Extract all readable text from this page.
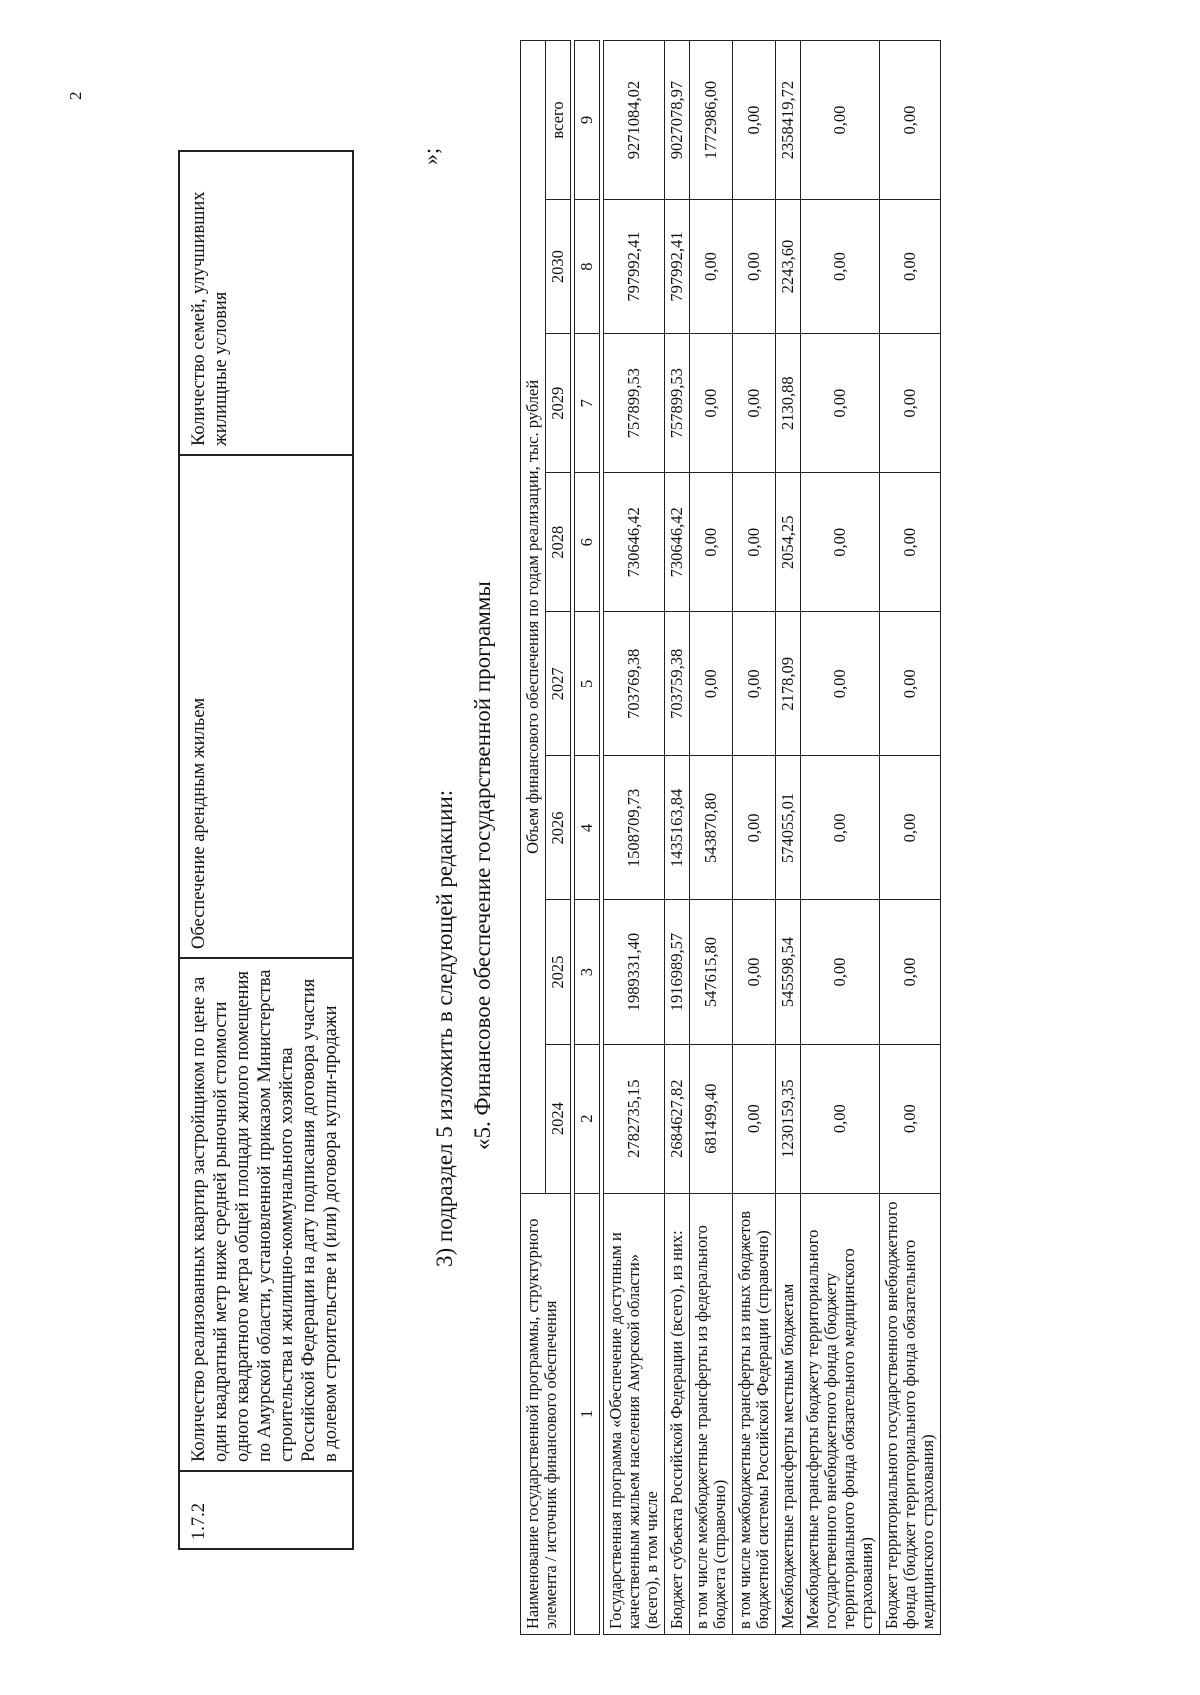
2
1.7.2	Количество реализованных квартир застройщиком по цене за один квадратный метр ниже средней рыночной стоимости одного квадратного метра общей площади жилого помещения по Амурской области, установленной приказом Министерства строительства и жилищно-коммунального хозяйства Российской Федерации на дату подписания договора участия в долевом строительстве и (или) договора купли-продажи	Обеспечение арендным жильем	Количество семей, улучшивших жилищные условия
»;
3) подраздел 5 изложить в следующей редакции: «5. Финансовое обеспечение государственной программы
Наименование государственной программы, структурного элемента / источник финансового обеспечения	Объем финансового обеспечения по годам реализации, тыс. рублей							
	2024	2025	2026	2027	2028	2029	2030	всего

1	2	3	4	5	6	7	8	9

Государственная программа «Обеспечение доступным и качественным жильем населения Амурской области» (всего), в том числе	2782735,15	1989331,40	1508709,73	703769,38	730646,42	757899,53	797992,41	9271084,02
Бюджет субъекта Российской Федерации (всего), из них:	2684627,82	1916989,57	1435163,84	703759,38	730646,42	757899,53	797992,41	9027078,97
в том числе межбюджетные трансферты из федерального бюджета (справочно)	681499,40	547615,80	543870,80	0,00	0,00	0,00	0,00	1772986,00
в том числе межбюджетные трансферты из иных бюджетов бюджетной системы Российской Федерации (справочно)	0,00	0,00	0,00	0,00	0,00	0,00	0,00	0,00
Межбюджетные трансферты местным бюджетам	1230159,35	545598,54	574055,01	2178,09	2054,25	2130,88	2243,60	2358419,72
Межбюджетные трансферты бюджету территориального государственного внебюджетного фонда (бюджету территориального фонда обязательного медицинского страхования)	0,00	0,00	0,00	0,00	0,00	0,00	0,00	0,00
Бюджет территориального государственного внебюджетного фонда (бюджет территориального фонда обязательного медицинского страхования)	0,00	0,00	0,00	0,00	0,00	0,00	0,00	0,00
